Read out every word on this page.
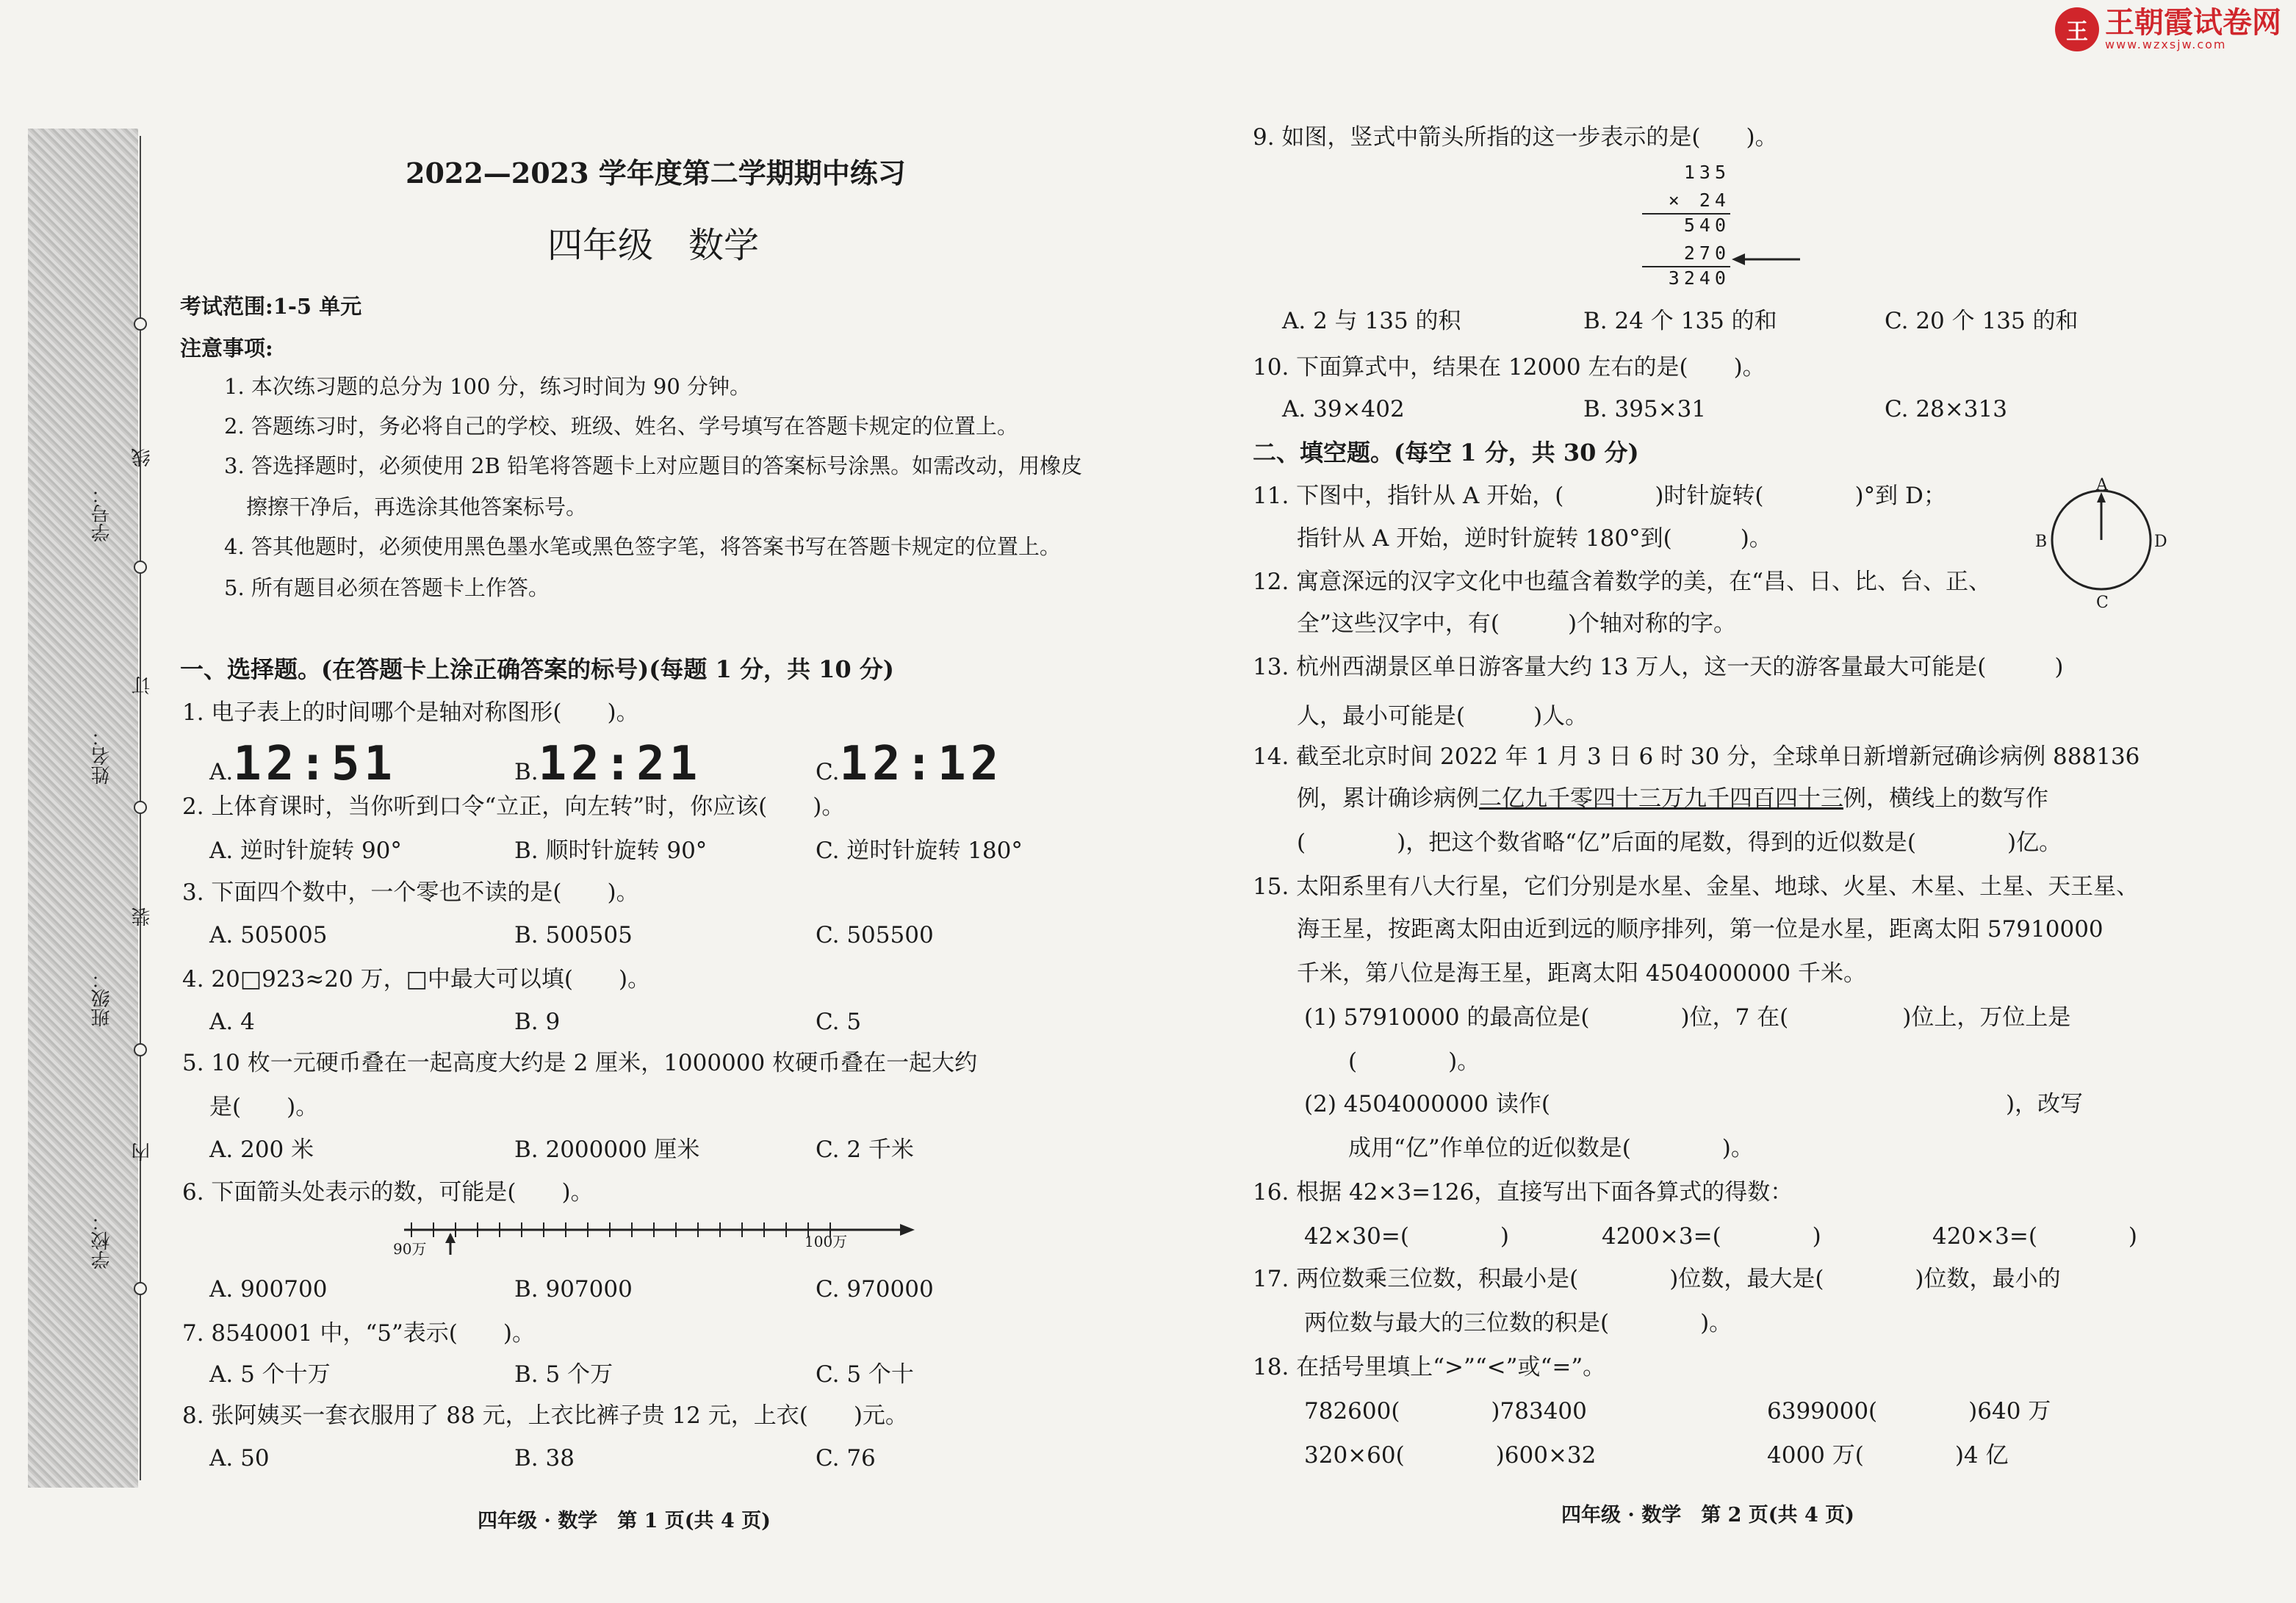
王 王朝霞试卷网
www.wzxsjw.com
学校：
内
班级：
装
姓名：
订
学号：
线
2022—2023 学年度第二学期期中练习
四年级　数学
考试范围:1-5 单元
注意事项:
1. 本次练习题的总分为 100 分，练习时间为 90 分钟。
2. 答题练习时，务必将自己的学校、班级、姓名、学号填写在答题卡规定的位置上。
3. 答选择题时，必须使用 2B 铅笔将答题卡上对应题目的答案标号涂黑。如需改动，用橡皮
擦擦干净后，再选涂其他答案标号。
4. 答其他题时，必须使用黑色墨水笔或黑色签字笔，将答案书写在答题卡规定的位置上。
5. 所有题目必须在答题卡上作答。
一、选择题。(在答题卡上涂正确答案的标号)(每题 1 分，共 10 分)
1. 电子表上的时间哪个是轴对称图形(　　)。
A. 12:51	B. 12:21	C. 12:12
2. 上体育课时，当你听到口令“立正，向左转”时，你应该(　　)。
A. 逆时针旋转 90°	B. 顺时针旋转 90°	C. 逆时针旋转 180°
3. 下面四个数中，一个零也不读的是(　　)。
A. 505005	B. 500505	C. 505500
4. 20□923≈20 万，□中最大可以填(　　)。
A. 4	B. 9	C. 5
5. 10 枚一元硬币叠在一起高度大约是 2 厘米，1000000 枚硬币叠在一起大约
是(　　)。
A. 200 米	B. 2000000 厘米	C. 2 千米
6. 下面箭头处表示的数，可能是(　　)。
90万	100万
A. 900700	B. 907000	C. 970000
7. 8540001 中，“5”表示(　　)。
A. 5 个十万	B. 5 个万	C. 5 个十
8. 张阿姨买一套衣服用了 88 元，上衣比裤子贵 12 元，上衣(　　)元。
A. 50	B. 38	C. 76
四年级 · 数学　第 1 页(共 4 页)
9. 如图，竖式中箭头所指的这一步表示的是(　　)。
135
× 24
540
270
3240
A. 2 与 135 的积	B. 24 个 135 的和	C. 20 个 135 的和
10. 下面算式中，结果在 12000 左右的是(　　)。
A. 39×402	B. 395×31	C. 28×313
二、填空题。(每空 1 分，共 30 分)
11. 下图中，指针从 A 开始，(　　　　)时针旋转(　　　　)°到 D；
指针从 A 开始，逆时针旋转 180°到(　　　)。
A
B
C
D
12. 寓意深远的汉字文化中也蕴含着数学的美，在“昌、日、比、台、正、
全”这些汉字中，有(　　　)个轴对称的字。
13. 杭州西湖景区单日游客量大约 13 万人，这一天的游客量最大可能是(　　　)
人，最小可能是(　　　)人。
14. 截至北京时间 2022 年 1 月 3 日 6 时 30 分，全球单日新增新冠确诊病例 888136
例，累计确诊病例二亿九千零四十三万九千四百四十三例，横线上的数写作
(　　　　)，把这个数省略“亿”后面的尾数，得到的近似数是(　　　　)亿。
15. 太阳系里有八大行星，它们分别是水星、金星、地球、火星、木星、土星、天王星、
海王星，按距离太阳由近到远的顺序排列，第一位是水星，距离太阳 57910000
千米，第八位是海王星，距离太阳 4504000000 千米。
(1) 57910000 的最高位是(　　　　)位，7 在(　　　　　)位上，万位上是
(　　　　)。
(2) 4504000000 读作(　　　　　　　　　　　　　　　　　　　　)，改写
成用“亿”作单位的近似数是(　　　　)。
16. 根据 42×3=126，直接写出下面各算式的得数：
42×30=(　　　　)	4200×3=(　　　　)	420×3=(　　　　)
17. 两位数乘三位数，积最小是(　　　　)位数，最大是(　　　　)位数，最小的
两位数与最大的三位数的积是(　　　　)。
18. 在括号里填上“>”“<”或“=”。
782600(　　　　)783400	6399000(　　　　)640 万
320×60(　　　　)600×32	4000 万(　　　　)4 亿
四年级 · 数学　第 2 页(共 4 页)
